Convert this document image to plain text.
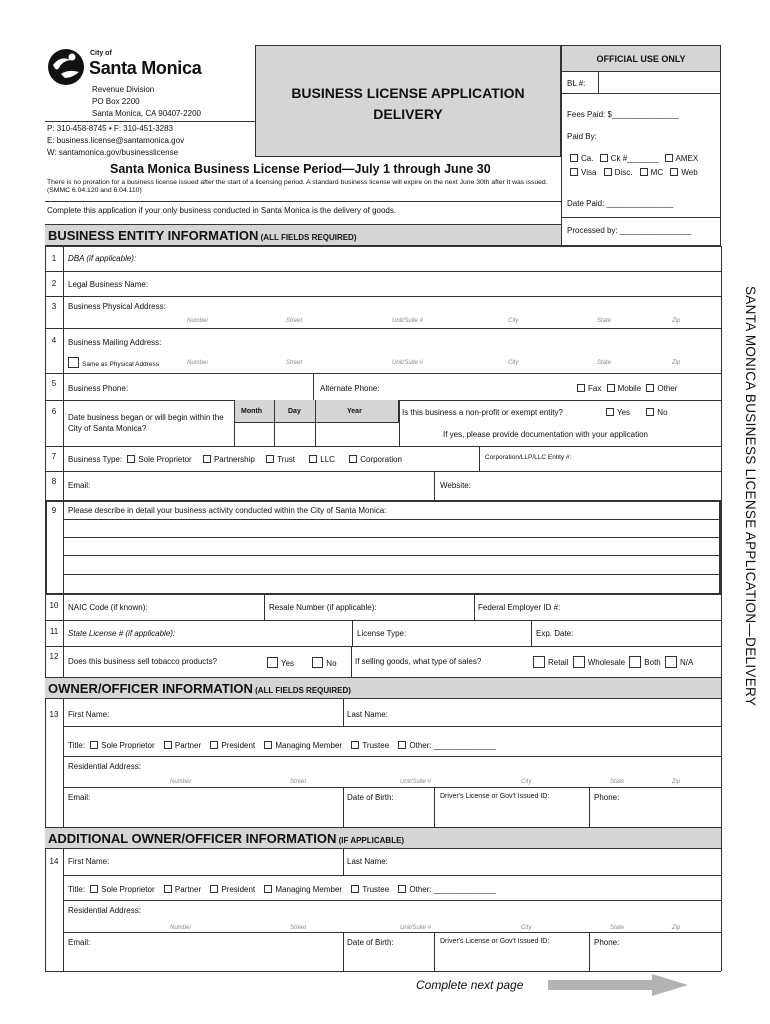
City of
Santa Monica
Revenue Division
PO Box 2200
Santa Monica, CA 90407-2200
P: 310-458-8745 • F: 310-451-3283
E: business.license@santamonica.gov
W: santamonica.gov/businesslicense
BUSINESS LICENSE APPLICATION
DELIVERY
Santa Monica Business License Period—July 1 through June 30
There is no proration for a business license issued after the start of a licensing period. A standard business license will expire on the next June 30th after it was issued. (SMMC 6.04.120 and 6.04.110)
Complete this application if your only business conducted in Santa Monica is the delivery of goods.
OFFICIAL USE ONLY
BL #:
Fees Paid: $_______________
Paid By:
Ca. Ck #_______ AMEX
Visa Disc. MC Web
Date Paid: _______________
Processed by: ________________
SANTA MONICA BUSINESS LICENSE APPLICATION—DELIVERY
BUSINESS ENTITY INFORMATION (ALL FIELDS REQUIRED)
1	DBA (if applicable):
2	Legal Business Name:
3	Business Physical Address:
Number	Street	Unit/Suite #	City	State	Zip
4	Business Mailing Address:
Same as Physical Address	Number	Street	Unit/Suite #	City	State	Zip
5
Business Phone:	Alternate Phone:	Fax Mobile Other
6
Date business began or will begin within the City of Santa Monica?
Month	Day	Year	Is this business a non-profit or exempt entity?	Yes	No
If yes, please provide documentation with your application
7	Business Type: Sole Proprietor	Partnership	Trust	LLC	Corporation	Corporation/LLP/LLC Entity #:
8	Email:	Website:
9	Please describe in detail your business activity conducted within the City of Santa Monica:
10	NAIC Code (if known):	Resale Number (if applicable):	Federal Employer ID #:
11	State License # (if applicable):	License Type:	Exp. Date:
12
Does this business sell tobacco products?	Yes	No If selling goods, what type of sales?	Retail Wholesale Both N/A
OWNER/OFFICER INFORMATION (ALL FIELDS REQUIRED)
13	First Name:	Last Name:
Title: Sole Proprietor	Partner	President	Managing Member	Trustee	Other: ______________
Residential Address:
Number	Street	Unit/Suite #	City	State	Zip
Email:	Date of Birth:	Driver's License or Gov't Issued ID:	Phone:
ADDITIONAL OWNER/OFFICER INFORMATION (IF APPLICABLE)
14	First Name:	Last Name:
Title: Sole Proprietor	Partner	President	Managing Member	Trustee	Other: ______________
Residential Address:
Number	Street	Unit/Suite #	City	State	Zip
Email:	Date of Birth:	Driver's License or Gov't Issued ID:	Phone:
Complete next page
